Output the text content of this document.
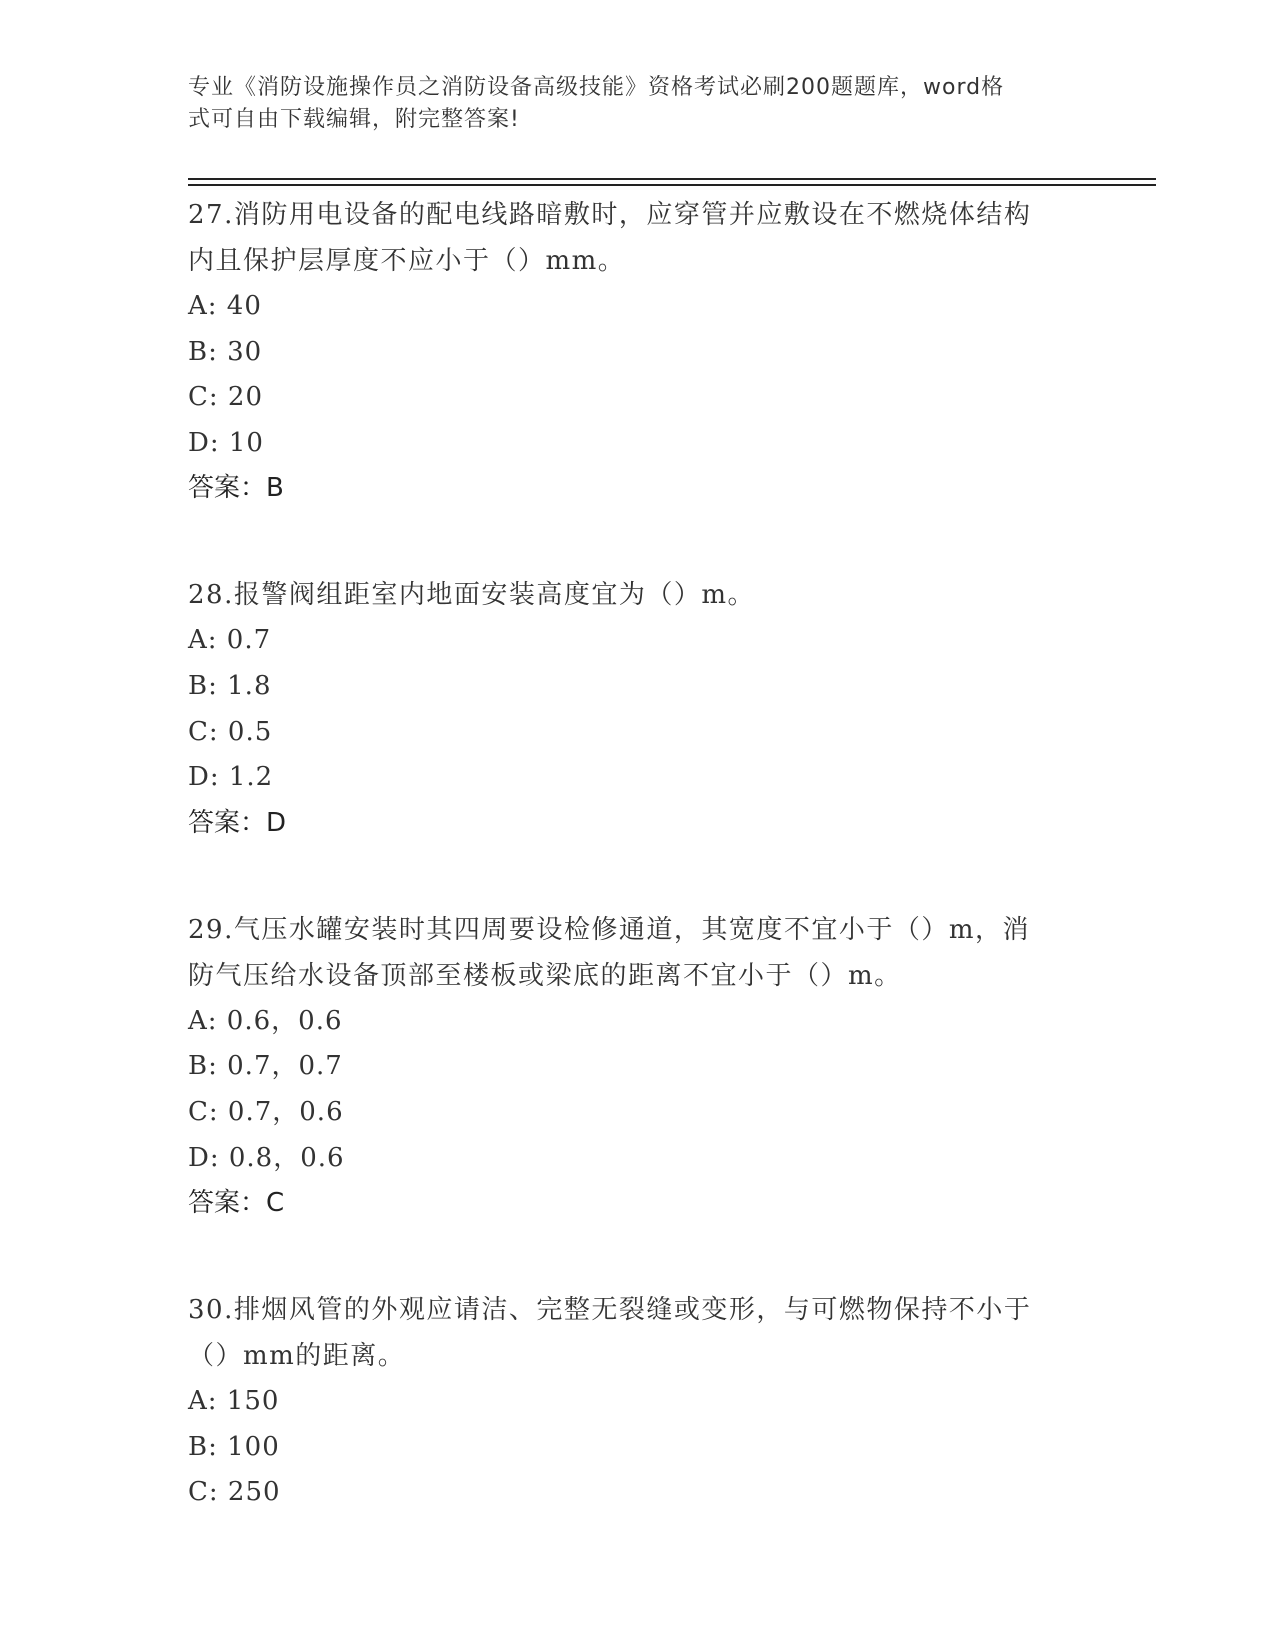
专业《消防设施操作员之消防设备高级技能》资格考试必刷200题题库，word格
式可自由下载编辑，附完整答案!

27.消防用电设备的配电线路暗敷时，应穿管并应敷设在不燃烧体结构

内且保护层厚度不应小于（）mm。

A: 40

B: 30

C: 20

D: 10

答案：B

28.报警阀组距室内地面安装高度宜为（）m。

A: 0.7

B: 1.8

C: 0.5

D: 1.2

答案：D

29.气压水罐安装时其四周要设检修通道，其宽度不宜小于（）m，消

防气压给水设备顶部至楼板或梁底的距离不宜小于（）m。

A: 0.6，0.6

B: 0.7，0.7

C: 0.7，0.6

D: 0.8，0.6

答案：C

30.排烟风管的外观应请洁、完整无裂缝或变形，与可燃物保持不小于

（）mm的距离。

A: 150

B: 100

C: 250
